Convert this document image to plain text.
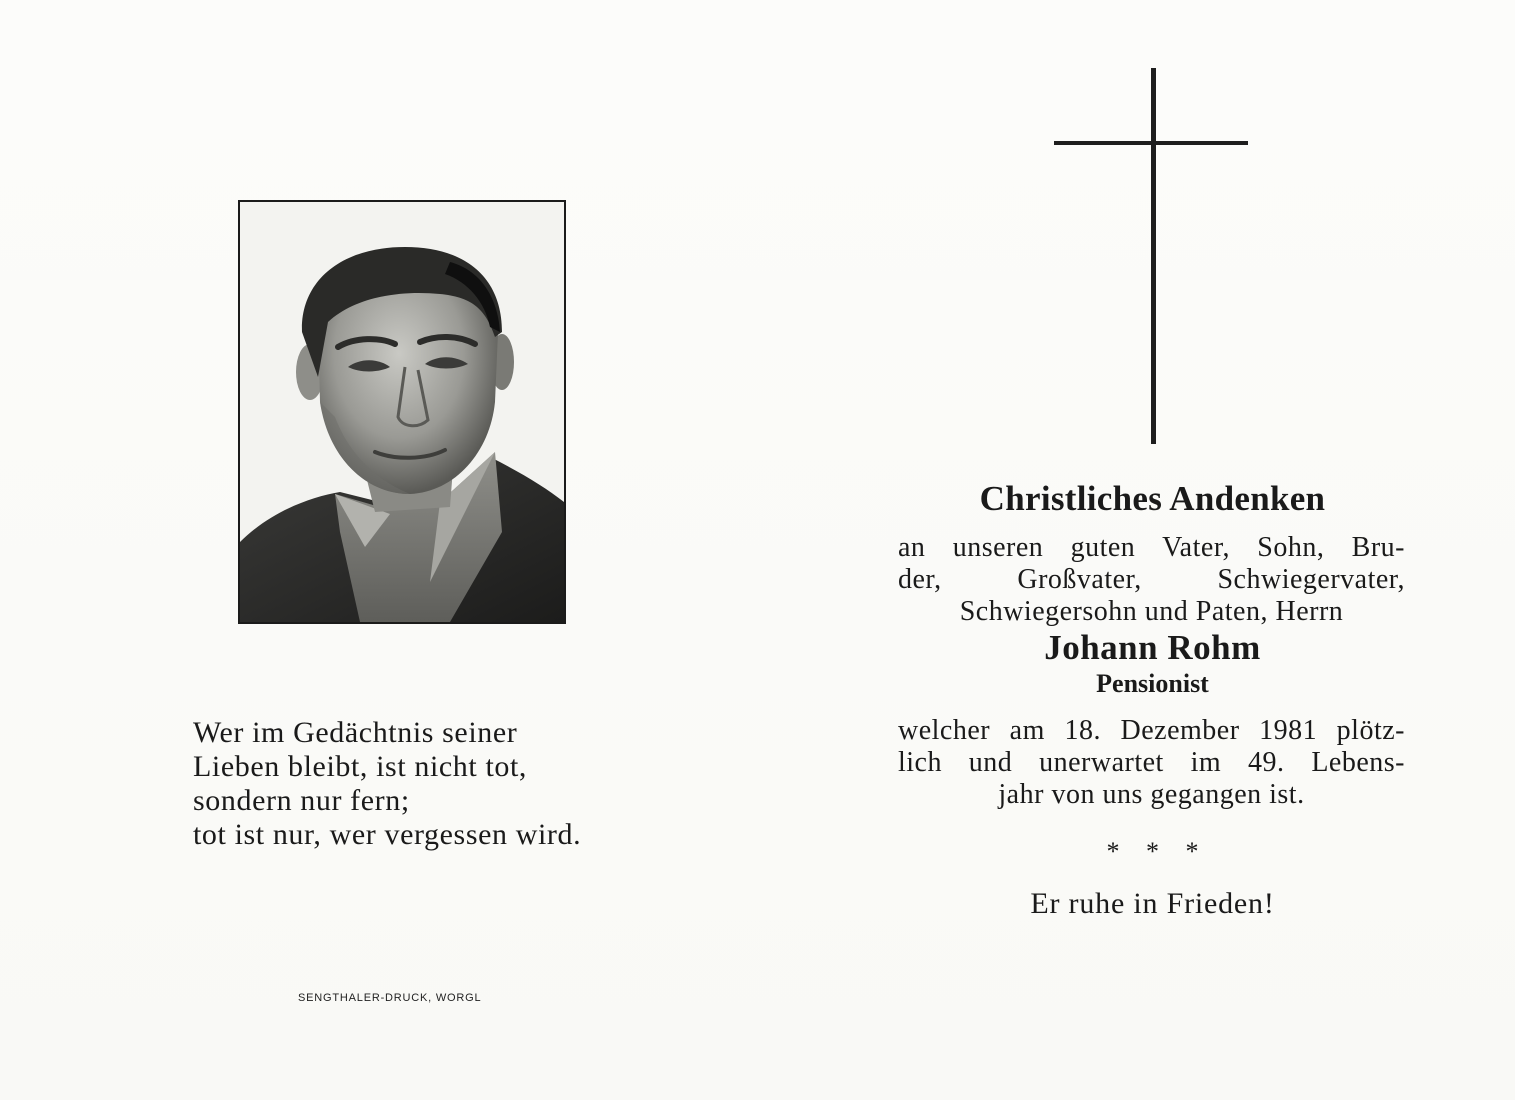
Wer im Gedächtnis seiner
Lieben bleibt, ist nicht tot,
sondern nur fern;
tot ist nur, wer vergessen wird.
SENGTHALER-DRUCK, WORGL
Christliches Andenken
an unseren guten Vater, Sohn, Bru-
der, Großvater, Schwiegervater,
Schwiegersohn und Paten, Herrn
Johann Rohm
Pensionist
welcher am 18. Dezember 1981 plötz-
lich und unerwartet im 49. Lebens-
jahr von uns gegangen ist.
* * *
Er ruhe in Frieden!
